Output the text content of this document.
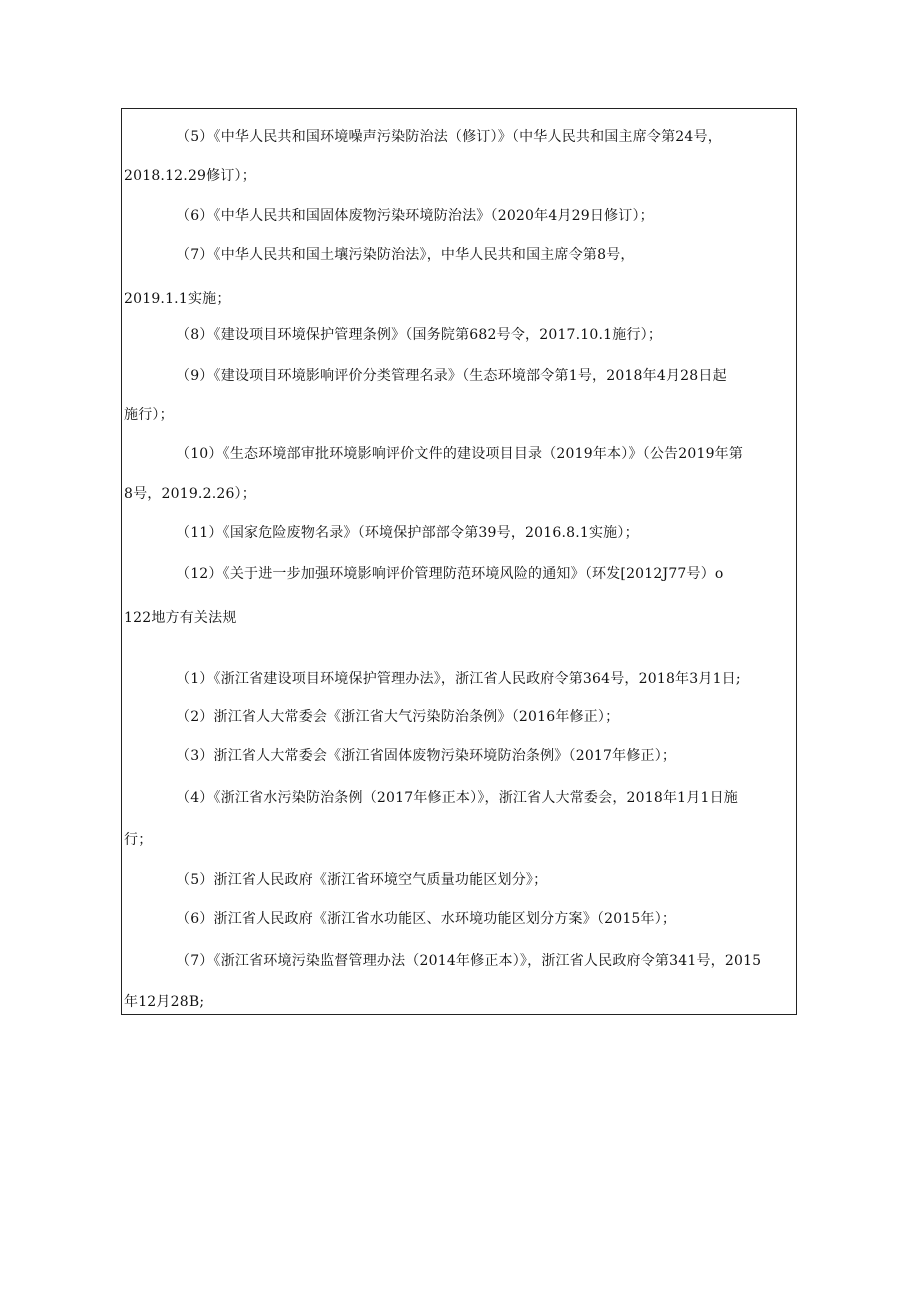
（5）《中华人民共和国环境噪声污染防治法（修订）》（中华人民共和国主席令第24号，
2018.12.29修订）；
（6）《中华人民共和国固体废物污染环境防治法》（2020年4月29日修订）；
（7）《中华人民共和国土壤污染防治法》，中华人民共和国主席令第8号，
2019.1.1实施；
（8）《建设项目环境保护管理条例》（国务院第682号令，2017.10.1施行）；
（9）《建设项目环境影响评价分类管理名录》（生态环境部令第1号，2018年4月28日起
施行）；
（10）《生态环境部审批环境影响评价文件的建设项目目录（2019年本）》（公告2019年第
8号，2019.2.26）；
（11）《国家危险废物名录》（环境保护部部令第39号，2016.8.1实施）；
（12）《关于进一步加强环境影响评价管理防范环境风险的通知》（环发[2012J77号）o
122地方有关法规
（1）《浙江省建设项目环境保护管理办法》，浙江省人民政府令第364号，2018年3月1日;
（2）浙江省人大常委会《浙江省大气污染防治条例》（2016年修正）；
（3）浙江省人大常委会《浙江省固体废物污染环境防治条例》（2017年修正）；
（4）《浙江省水污染防治条例（2017年修正本）》，浙江省人大常委会，2018年1月1日施
行；
（5）浙江省人民政府《浙江省环境空气质量功能区划分》；
（6）浙江省人民政府《浙江省水功能区、水环境功能区划分方案》（2015年）；
（7）《浙江省环境污染监督管理办法（2014年修正本）》，浙江省人民政府令第341号，2015
年12月28B;
